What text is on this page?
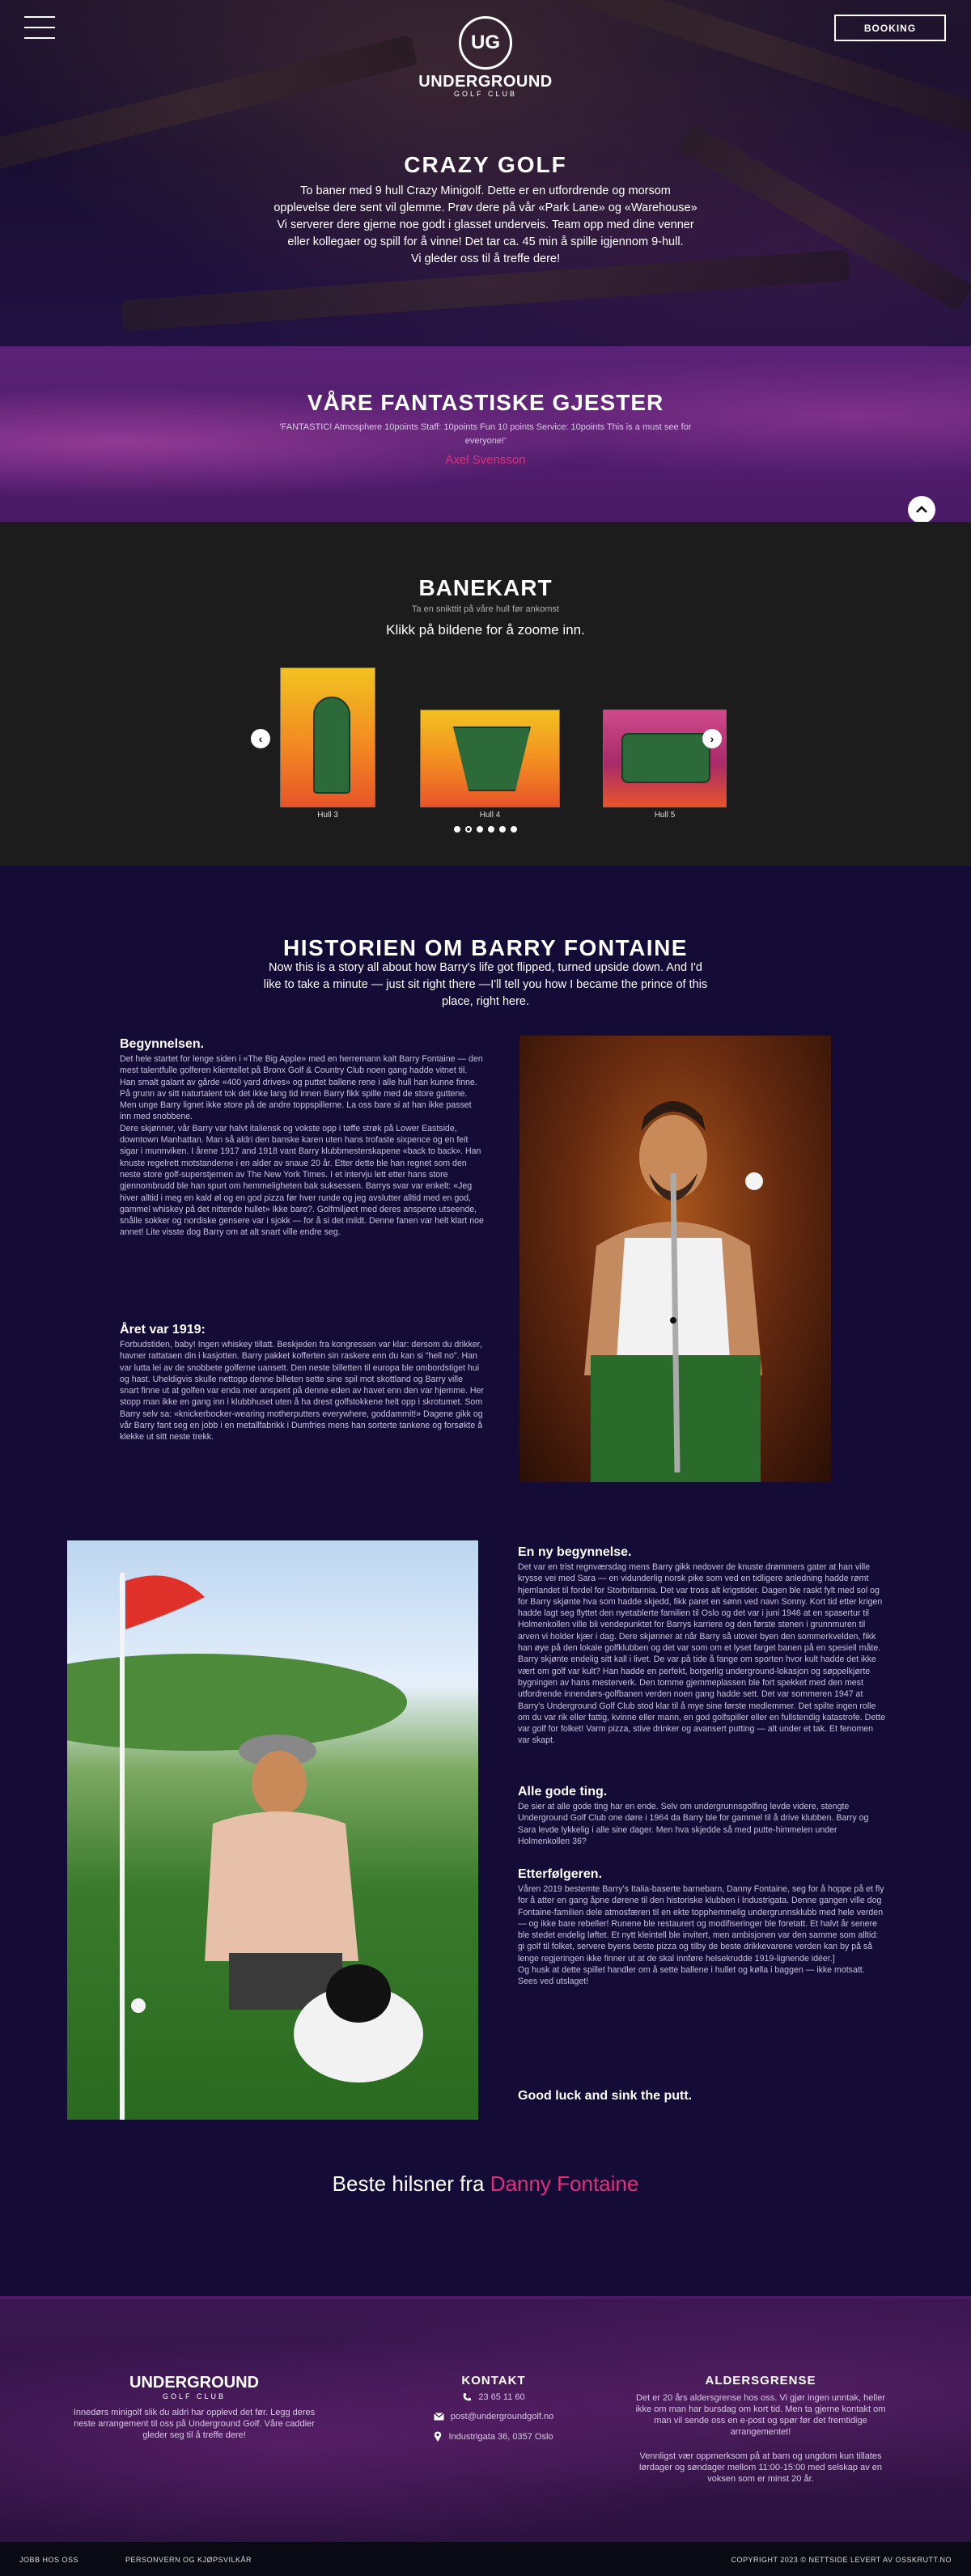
UG
UNDERGROUND
GOLF CLUB
BOOKING
CRAZY GOLF

To baner med 9 hull Crazy Minigolf. Dette er en utfordrende og morsom

opplevelse dere sent vil glemme. Prøv dere på vår «Park Lane» og «Warehouse»

Vi serverer dere gjerne noe godt i glasset underveis. Team opp med dine venner

eller kollegaer og spill for å vinne! Det tar ca. 45 min å spille igjennom 9-hull.

Vi gleder oss til å treffe dere!

VÅRE FANTASTISKE GJESTER

'FANTASTIC! Atmosphere 10points Staff: 10points Fun 10 points Service: 10points This is a must see for everyone!'

Axel Svensson

BANEKART

Ta en snikttit på våre hull før ankomst

Klikk på bildene for å zoome inn.

‹
Hull 3	Hull 4	Hull 5
›
HISTORIEN OM BARRY FONTAINE

Now this is a story all about how Barry's life got flipped, turned upside down. And I'd like to take a minute — just sit right there —I'll tell you how I became the prince of this place, right here.

Begynnelsen.

Det hele startet for lenge siden i «The Big Apple» med en herremann kalt Barry Fontaine — den mest talentfulle golferen klientellet på Bronx Golf & Country Club noen gang hadde vitnet til. Han smalt galant av gårde «400 yard drives» og puttet ballene rene i alle hull han kunne finne. På grunn av sitt naturtalent tok det ikke lang tid innen Barry fikk spille med de store guttene. Men unge Barry lignet ikke store på de andre toppspillerne. La oss bare si at han ikke passet inn med snobbene.
Dere skjønner, vår Barry var halvt italiensk og vokste opp i tøffe strøk på Lower Eastside, downtown Manhattan. Man så aldri den banske karen uten hans trofaste sixpence og en feit sigar i munnviken. I årene 1917 and 1918 vant Barry klubbmesterskapene «back to back». Han knuste regelrett motstanderne i en alder av snaue 20 år. Etter dette ble han regnet som den neste store golf-superstjernen av The New York Times. I et intervju lett etter hans store gjennombrudd ble han spurt om hemmeligheten bak suksessen. Barrys svar var enkelt: «Jeg hiver alltid i meg en kald øl og en god pizza før hver runde og jeg avslutter alltid med en god, gammel whiskey på det nittende hullet» Ikke bare?. Golfmiljøet med deres ansperte utseende, snålle sokker og nordiske gensere var i sjokk — for å si det mildt. Denne fanen var helt klart noe annet! Lite visste dog Barry om at alt snart ville endre seg.

Året var 1919:

Forbudstiden, baby! Ingen whiskey tillatt. Beskjeden fra kongressen var klar: dersom du drikker, havner rattataen din i kasjotten. Barry pakket kofferten sin raskere enn du kan si "hell no". Han var lutta lei av de snobbete golferne uansett. Den neste billetten til europa ble ombordstiget hui og hast. Uheldigvis skulle nettopp denne billeten sette sine spil mot skottland og Barry ville snart finne ut at golfen var enda mer anspent på denne eden av havet enn den var hjemme. Her stopp man ikke en gang inn i klubbhuset uten å ha drest golfstokkene helt opp i skrotumet. Som Barry selv sa: «knickerbocker-wearing motherputters everywhere, goddammit!» Dagene gikk og vår Barry fant seg en jobb i en metallfabrikk i Dumfries mens han sorterte tankene og forsøkte å klekke ut sitt neste trekk.

En ny begynnelse.

Det var en trist regnværsdag mens Barry gikk nedover de knuste drømmers gater at han ville krysse vei med Sara — en vidunderlig norsk pike som ved en tidligere anledning hadde rømt hjemlandet til fordel for Storbritannia. Det var tross alt krigstider. Dagen ble raskt fylt med sol og for Barry skjønte hva som hadde skjedd, fikk paret en sønn ved navn Sonny. Kort tid etter krigen hadde lagt seg flyttet den nyetablerte familien til Oslo og det var i juni 1946 at en spasertur til Holmenkollen ville bli vendepunktet for Barrys karriere og den første stenen i grunnmuren til arven vi holder kjær i dag. Dere skjønner at når Barry så utover byen den sommerkvelden, fikk han øye på den lokale golfklubben og det var som om et lyset farget banen på en spesiell måte. Barry skjønte endelig sitt kall i livet. De var på tide å fange om sporten hvor kult hadde det ikke vært om golf var kult? Han hadde en perfekt, borgerlig underground-lokasjon og søppelkjørte bygningen av hans mesterverk. Den tomme gjemmeplassen ble fort spekket med den mest utfordrende innendørs-golfbanen verden noen gang hadde sett. Det var sommeren 1947 at Barry's Underground Golf Club stod klar til å mye sine første medlemmer. Det spilte ingen rolle om du var rik eller fattig, kvinne eller mann, en god golfspiller eller en fullstendig katastrofe. Dette var golf for folket! Varm pizza, stive drinker og avansert putting — alt under et tak. Et fenomen var skapt.

Alle gode ting.

De sier at alle gode ting har en ende. Selv om undergrunnsgolfing levde videre, stengte Underground Golf Club one døre i 1964 da Barry ble for gammel til å drive klubben. Barry og Sara levde lykkelig i alle sine dager. Men hva skjedde så med putte-himmelen under Holmenkollen 36?

Etterfølgeren.

Våren 2019 bestemte Barry's Italia-baserte barnebarn, Danny Fontaine, seg for å hoppe på et fly for å atter en gang åpne dørene til den historiske klubben i Industrigata. Denne gangen ville dog Fontaine-familien dele atmosfæren til en ekte topphemmelig undergrunnsklubb med hele verden — og ikke bare rebeller! Runene ble restaurert og modifiseringer ble foretatt. Et halvt år senere ble stedet endelig løftet. Et nytt kleintell ble invitert, men ambisjonen var den samme som alltid: gi golf til folket, servere byens beste pizza og tilby de beste drikkevarene verden kan by på så lenge regjeringen ikke finner ut at de skal innføre helsekrudde 1919-lignende idéer.]
Og husk at dette spillet handler om å sette ballene i hullet og kølla i baggen — ikke motsatt.
Sees ved utslaget!

Good luck and sink the putt.
Beste hilsner fra Danny Fontaine
UNDERGROUND
GOLF CLUB

Innedørs minigolf slik du aldri har opplevd det før. Legg deres neste arrangement til oss på Underground Golf. Våre caddier gleder seg til å treffe dere!

KONTAKT
23 65 11 60
post@undergroundgolf.no
Industrigata 36, 0357 Oslo
ALDERSGRENSE

Det er 20 års aldersgrense hos oss. Vi gjør ingen unntak, heller ikke om man har bursdag om kort tid. Men ta gjerne kontakt om man vil sende oss en e-post og spør før det fremtidige arrangementet!

Vennligst vær oppmerksom på at barn og ungdom kun tillates lørdager og søndager mellom 11:00-15:00 med selskap av en voksen som er minst 20 år.

JOBB HOS OSS	PERSONVERN OG KJØPSVILKÅR	COPYRIGHT 2023 © NETTSIDE LEVERT AV OSSKRUTT.NO
